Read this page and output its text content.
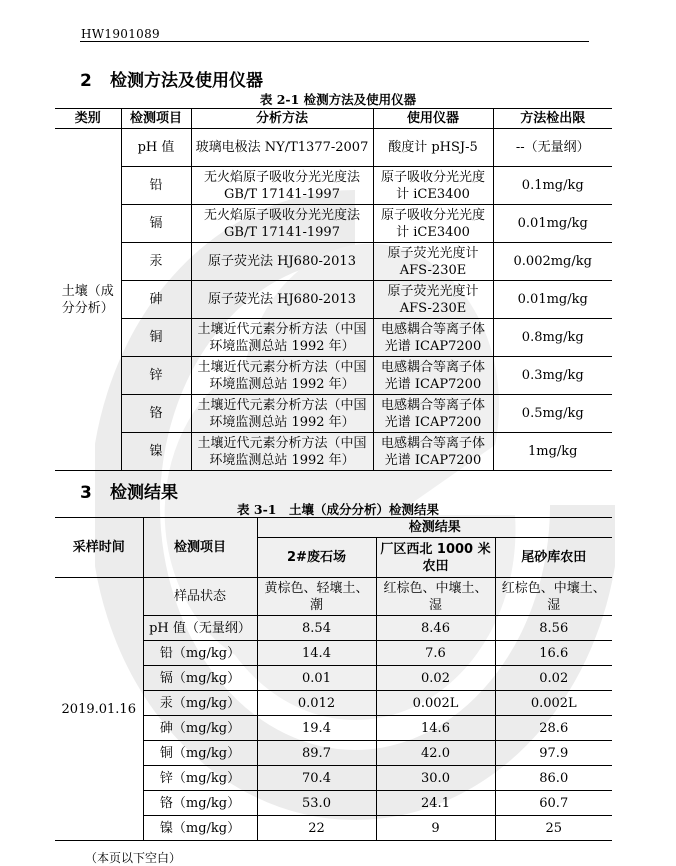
HW1901089
2 检测方法及使用仪器
表 2-1 检测方法及使用仪器
类别	检测项目	分析方法	使用仪器	方法检出限
土壤（成分分析）	pH 值	玻璃电极法 NY/T1377-2007	酸度计 pHSJ-5	--（无量纲）
	铅	无火焰原子吸收分光光度法 GB/T 17141-1997	原子吸收分光光度计 iCE3400	0.1mg/kg
	镉	无火焰原子吸收分光光度法 GB/T 17141-1997	原子吸收分光光度计 iCE3400	0.01mg/kg
	汞	原子荧光法 HJ680-2013	原子荧光光度计 AFS-230E	0.002mg/kg
	砷	原子荧光法 HJ680-2013	原子荧光光度计 AFS-230E	0.01mg/kg
	铜	土壤近代元素分析方法（中国环境监测总站 1992 年）	电感耦合等离子体光谱 ICAP7200	0.8mg/kg
	锌	土壤近代元素分析方法（中国环境监测总站 1992 年）	电感耦合等离子体光谱 ICAP7200	0.3mg/kg
	铬	土壤近代元素分析方法（中国环境监测总站 1992 年）	电感耦合等离子体光谱 ICAP7200	0.5mg/kg
	镍	土壤近代元素分析方法（中国环境监测总站 1992 年）	电感耦合等离子体光谱 ICAP7200	1mg/kg
3 检测结果
表 3-1　土壤（成分分析）检测结果
采样时间	检测项目	检测结果		
		2#废石场	厂区西北 1000 米农田	尾砂库农田
2019.01.16	样品状态	黄棕色、轻壤土、潮	红棕色、中壤土、湿	红棕色、中壤土、湿
	pH 值（无量纲）	8.54	8.46	8.56
	铅（mg/kg）	14.4	7.6	16.6
	镉（mg/kg）	0.01	0.02	0.02
	汞（mg/kg）	0.012	0.002L	0.002L
	砷（mg/kg）	19.4	14.6	28.6
	铜（mg/kg）	89.7	42.0	97.9
	锌（mg/kg）	70.4	30.0	86.0
	铬（mg/kg）	53.0	24.1	60.7
	镍（mg/kg）	22	9	25
（本页以下空白）
